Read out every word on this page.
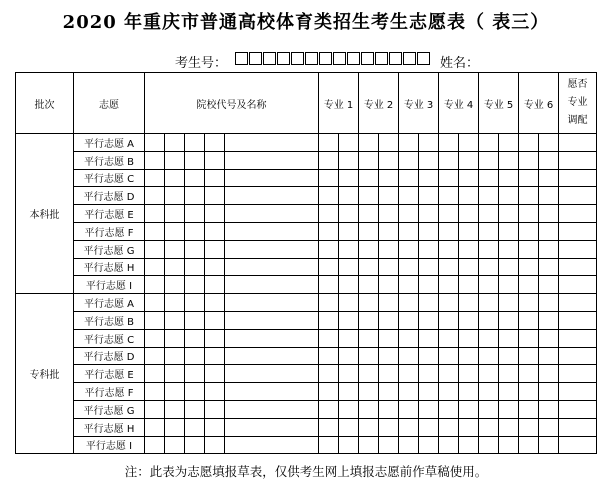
2020 年重庆市普通高校体育类招生考生志愿表（ 表三）
考生号：	姓名：
批次	志愿	院校代号及名称					专业 1		专业 2		专业 3		专业 4		专业 5		专业 6		愿否专业调配
本科批	平行志愿 A																		
	平行志愿 B																		
	平行志愿 C																		
	平行志愿 D																		
	平行志愿 E																		
	平行志愿 F																		
	平行志愿 G																		
	平行志愿 H																		
	平行志愿 I																		
专科批	平行志愿 A																		
	平行志愿 B																		
	平行志愿 C																		
	平行志愿 D																		
	平行志愿 E																		
	平行志愿 F																		
	平行志愿 G																		
	平行志愿 H																		
	平行志愿 I																		
注：此表为志愿填报草表，仅供考生网上填报志愿前作草稿使用。
